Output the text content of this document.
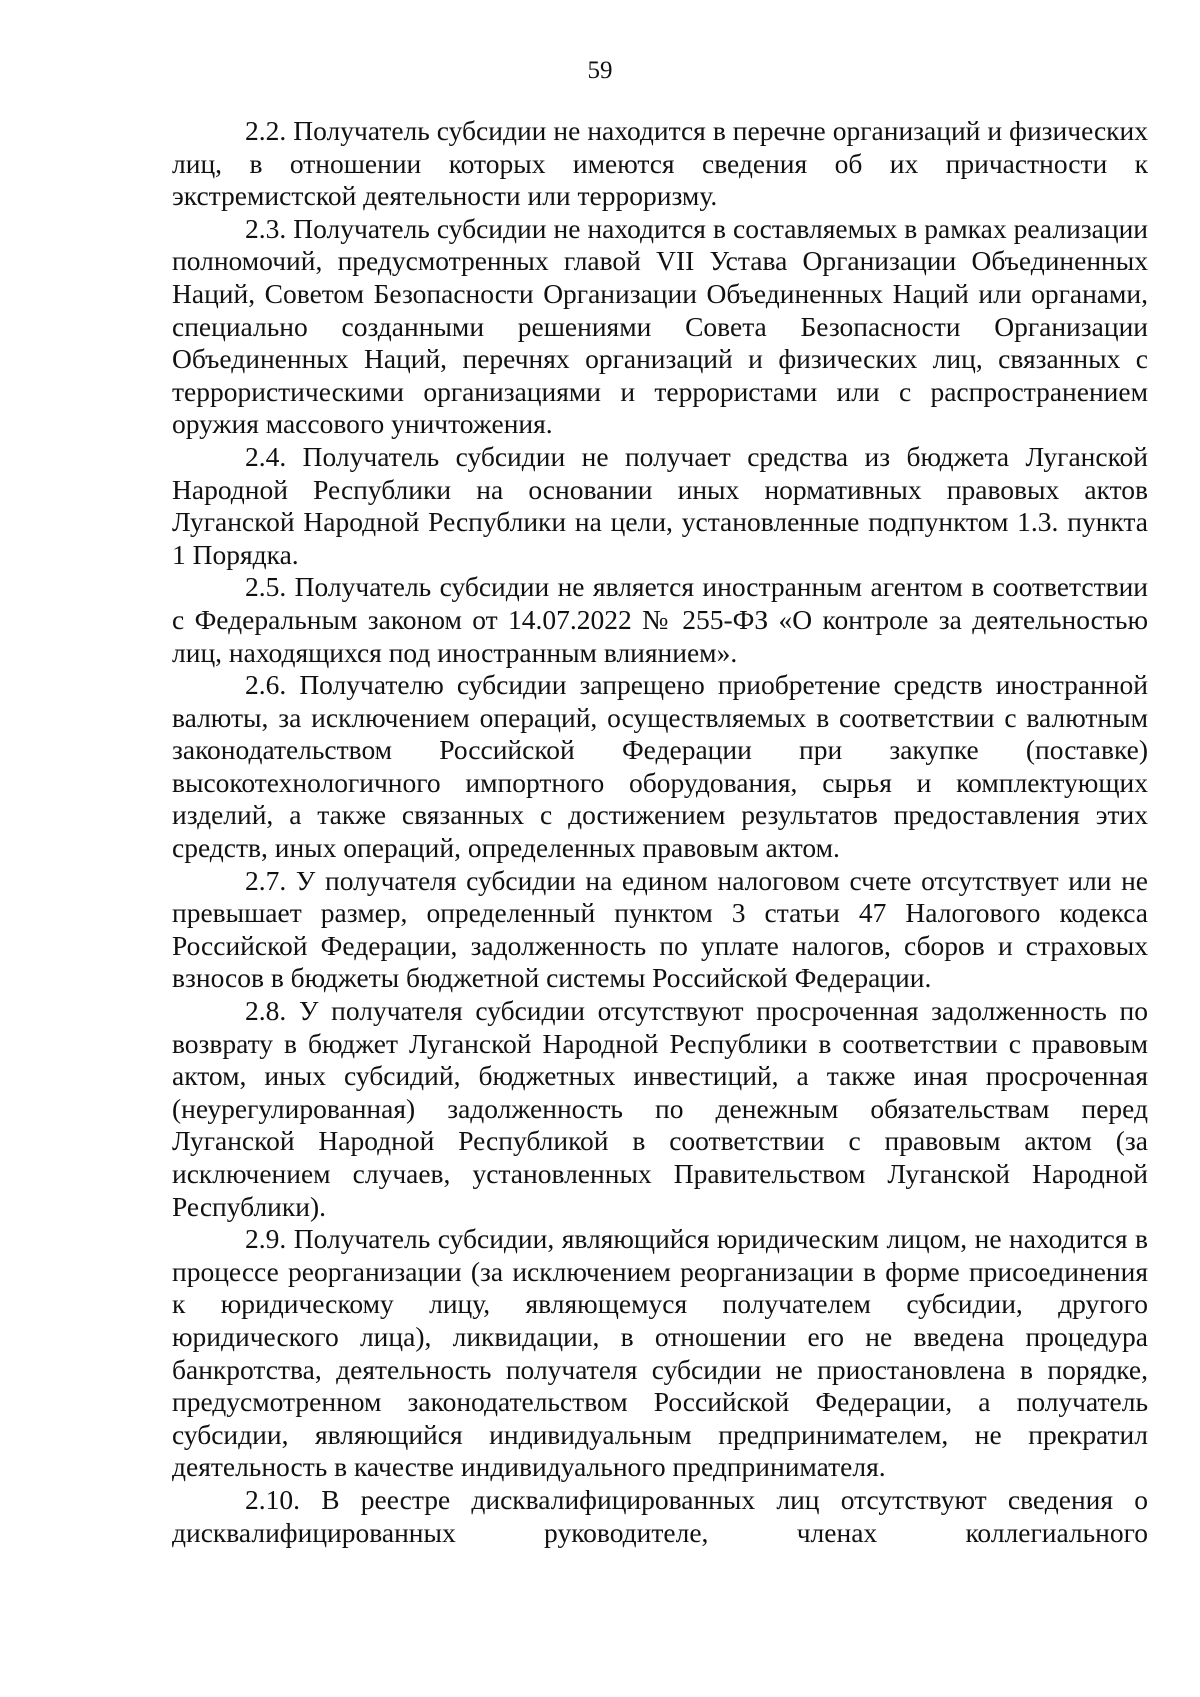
59

2.2. Получатель субсидии не находится в перечне организаций и физических лиц, в отношении которых имеются сведения об их причастности к экстремистской деятельности или терроризму.

2.3. Получатель субсидии не находится в составляемых в рамках реализации полномочий, предусмотренных главой VII Устава Организации Объединенных Наций, Советом Безопасности Организации Объединенных Наций или органами, специально созданными решениями Совета Безопасности Организации Объединенных Наций, перечнях организаций и физических лиц, связанных с террористическими организациями и террористами или с распространением оружия массового уничтожения.

2.4. Получатель субсидии не получает средства из бюджета Луганской Народной Республики на основании иных нормативных правовых актов Луганской Народной Республики на цели, установленные подпунктом 1.3. пункта 1 Порядка.

2.5. Получатель субсидии не является иностранным агентом в соответствии с Федеральным законом от 14.07.2022 № 255-ФЗ «О контроле за деятельностью лиц, находящихся под иностранным влиянием».

2.6. Получателю субсидии запрещено приобретение средств иностранной валюты, за исключением операций, осуществляемых в соответствии с валютным законодательством Российской Федерации при закупке (поставке) высокотехнологичного импортного оборудования, сырья и комплектующих изделий, а также связанных с достижением результатов предоставления этих средств, иных операций, определенных правовым актом.

2.7. У получателя субсидии на едином налоговом счете отсутствует или не превышает размер, определенный пунктом 3 статьи 47 Налогового кодекса Российской Федерации, задолженность по уплате налогов, сборов и страховых взносов в бюджеты бюджетной системы Российской Федерации.

2.8. У получателя субсидии отсутствуют просроченная задолженность по возврату в бюджет Луганской Народной Республики в соответствии с правовым актом, иных субсидий, бюджетных инвестиций, а также иная просроченная (неурегулированная) задолженность по денежным обязательствам перед Луганской Народной Республикой в соответствии с правовым актом (за исключением случаев, установленных Правительством Луганской Народной Республики).

2.9. Получатель субсидии, являющийся юридическим лицом, не находится в процессе реорганизации (за исключением реорганизации в форме присоединения к юридическому лицу, являющемуся получателем субсидии, другого юридического лица), ликвидации, в отношении его не введена процедура банкротства, деятельность получателя субсидии не приостановлена в порядке, предусмотренном законодательством Российской Федерации, а получатель субсидии, являющийся индивидуальным предпринимателем, не прекратил деятельность в качестве индивидуального предпринимателя.

2.10. В реестре дисквалифицированных лиц отсутствуют сведения о дисквалифицированных руководителе, членах коллегиального
